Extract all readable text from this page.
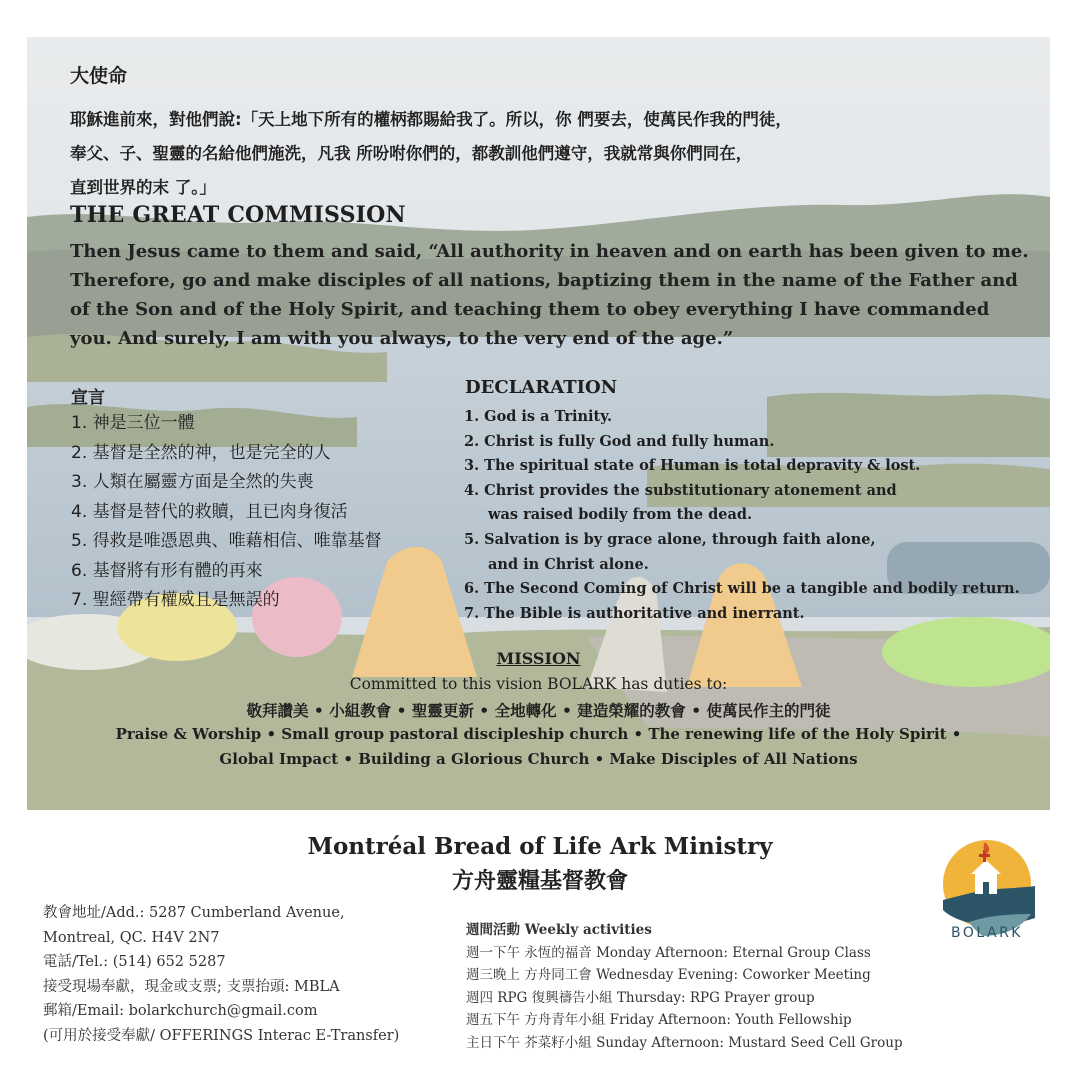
大使命
耶穌進前來，對他們說:「天上地下所有的權柄都賜給我了。所以，你 們要去，使萬民作我的門徒，
奉父、子、聖靈的名給他們施洗，凡我 所吩咐你們的，都教訓他們遵守，我就常與你們同在，
直到世界的末 了。」
THE GREAT COMMISSION
Then Jesus came to them and said, “All authority in heaven and on earth has been given to me.
Therefore, go and make disciples of all nations, baptizing them in the name of the Father and
of the Son and of the Holy Spirit, and teaching them to obey everything I have commanded
you. And surely, I am with you always, to the very end of the age.”
宣言
1. 神是三位一體
2. 基督是全然的神，也是完全的人
3. 人類在屬靈方面是全然的失喪
4. 基督是替代的救贖，且已肉身復活
5. 得救是唯憑恩典、唯藉相信、唯靠基督
6. 基督將有形有體的再來
7. 聖經帶有權威且是無誤的
DECLARATION
1. God is a Trinity.
2. Christ is fully God and fully human.
3. The spiritual state of Human is total depravity & lost.
4. Christ provides the substitutionary atonement and
was raised bodily from the dead.
5. Salvation is by grace alone, through faith alone,
and in Christ alone.
6. The Second Coming of Christ will be a tangible and bodily return.
7. The Bible is authoritative and inerrant.
MISSION
Committed to this vision BOLARK has duties to:
敬拜讚美 • 小組教會 • 聖靈更新 • 全地轉化 • 建造榮耀的教會 • 使萬民作主的門徒
Praise & Worship • Small group pastoral discipleship church • The renewing life of the Holy Spirit •
Global Impact • Building a Glorious Church • Make Disciples of All Nations
Montréal Bread of Life Ark Ministry
方舟靈糧基督教會
教會地址/Add.: 5287 Cumberland Avenue,
Montreal, QC. H4V 2N7
電話/Tel.: (514) 652 5287
接受現場奉獻，現金或支票; 支票抬頭: MBLA
郵箱/Email: bolarkchurch@gmail.com
(可用於接受奉獻/ OFFERINGS Interac E-Transfer)
週間活動 Weekly activities
週一下午 永恆的福音 Monday Afternoon: Eternal Group Class
週三晚上 方舟同工會 Wednesday Evening: Coworker Meeting
週四 RPG 復興禱告小組 Thursday: RPG Prayer group
週五下午 方舟青年小組 Friday Afternoon: Youth Fellowship
主日下午 芥菜籽小組 Sunday Afternoon: Mustard Seed Cell Group
BOLARK
